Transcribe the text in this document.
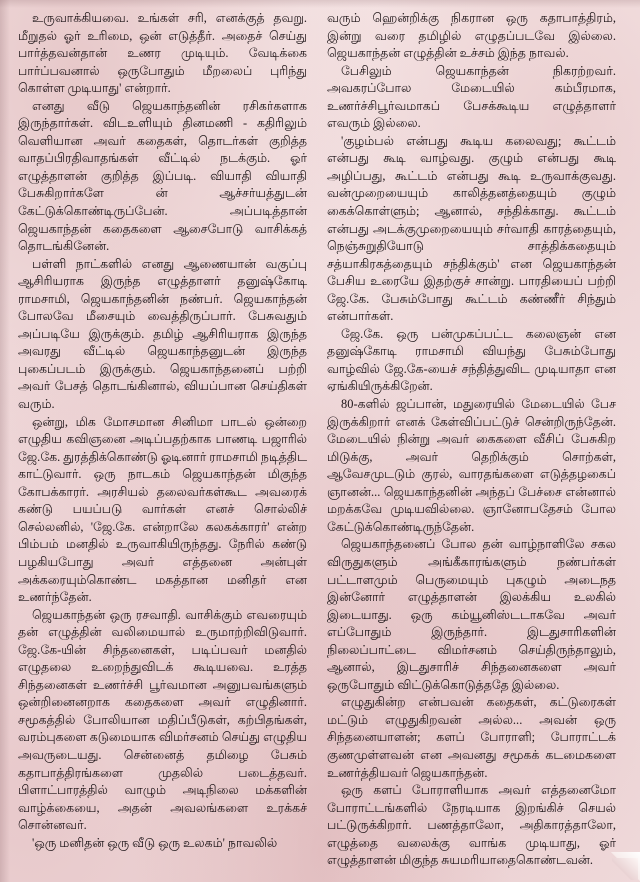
உருவாக்கியவை. உங்கள் சரி, எனக்குத் தவறு. மீறுதல் ஓர் உரிமை, ஒன் எடுத்தீர். அதைச் செய்து பார்த்தவன்தான் உணர முடியும். வேடிக்கை பார்ப்பவனால் ஒருபோதும் மீறலைப் புரிந்து கொள்ள முடியாது' என்றார்.

எனது வீடு ஜெயகாந்தனின் ரசிகர்களாக இருந்தார்கள். விடஉளியும் தினமணி - கதிரிலும் வெளியான அவர் கதைகள், தொடர்கள் குறித்த வாதப்பிரதிவாதங்கள் வீட்டில் நடக்கும். ஓர் எழுத்தாளன் குறித்த இப்படி. வியாதி வியாதி பேசுகிறார்களே ன் ஆச்சர்யத்துடன் கேட்டுக்கொண்டிருப்பேன். அப்படித்தான் ஜெயகாந்தன் கதைகளை ஆசைபோடு வாசிக்கத் தொடங்கினேன்.

பள்ளி நாட்களில் எனது ஆணையான் வகுப்பு ஆசிரியராக இருந்த எழுத்தாளர் தனுஷ்கோடி ராமசாமி, ஜெயகாந்தனின் நண்பர். ஜெயகாந்தன் போலவே மீசையும் வைத்திருப்பார். பேசுவதும் அப்படியே இருக்கும். தமிழ் ஆசிரியராக இருந்த அவரது வீட்டில் ஜெயகாந்தனுடன் இருந்த புகைப்படம் இருக்கும். ஜெயகாந்தனைப் பற்றி அவர் பேசத் தொடங்கினால், வியப்பான செய்திகள் வரும்.

ஒன்று, மிக மோசமான சினிமா பாடல் ஒன்றை எழுதிய கவிஞனை அடிப்பதற்காக பாணடி பஜாரில் ஜே.கே. துரத்திக்கொண்டு ஓடினார் ராமசாமி நடித்திட காட்டுவார். ஒரு நாடகம் ஜெயகாந்தன் மிகுந்த கோபக்காரர். அரசியல் தலைவர்கள்கூட அவரைக் கண்டு பயப்படு வார்கள் எனச் சொல்லிச் செல்லனில், 'ஜே.கே. என்றாலே கலகக்காரர்' என்ற பிம்பம் மனதில் உருவாகியிருந்தது. நேரில் கண்டு பழகியபோது அவர் எத்தனை அன்புள் அக்கரையும்கொண்ட மகத்தான மனிதர் என உணர்ந்தேன்.

ஜெயகாந்தன் ஒரு ரசவாதி. வாசிக்கும் எவரையும் தன் எழுத்தின் வலிமையால் உருமாற்றிவிடுவார். ஜே.கே-யின் சிந்தனைகள், படிப்பவர் மனதில் எழுதலை உறைந்துவிடக் கூடியவை. உரத்த சிந்தனைகள் உணர்ச்சி பூர்வமான அனுபவங்களும் ஒன்றினைனறாக கதைகளை அவர் எழுதினார். சமூகத்தில் போலியான மதிப்பீடுகள், கற்பிதங்கள், வரம்புகளை கடுமையாக விமர்சனம் செய்து எழுதிய அவருடையது. சென்னைத் தமிழை பேசும் கதாபாத்திரங்களை முதலில் படைத்தவர். பிளாட்பாரத்தில் வாழும் அடிநிலை மக்களின் வாழ்க்கையை, அதன் அவலங்களை உரக்கச் சொன்னவர்.

'ஒரு மனிதன் ஒரு வீடு ஒரு உலகம்' நாவலில்

வரும் ஹென்றிக்கு நிகரான ஒரு கதாபாத்திரம், இன்று வரை தமிழில் எழுதப்படவே இல்லை. ஜெயகாந்தன் எழுத்தின் உச்சம் இந்த நாவல்.

பேசிலும் ஜெயகாந்தன் நிகரற்றவர். அவகரப்போல மேடையில் கம்பீரமாக, உணர்ச்சிபூர்வமாகப் பேசக்கூடிய எழுத்தாளர் எவரும் இல்லை.

'குழம்பல் என்பது கூடிய கலைவது; கூட்டம் என்பது கூடி வாழ்வது. குழும் என்பது கூடி அழிப்பது, கூட்டம் என்பது கூடி உருவாக்குவது. வன்முறையையும் காலித்தனத்தையும் குழும் கைக்கொள்ளும்; ஆனால், சந்திக்காது. கூட்டம் என்பது அடக்குமுறையையும் சர்வாதி காரத்தையும், நெஞ்சுறுதியோடு சாத்திக்கதையும் சத்யாகிரகத்தையும் சந்திக்கும்' என ஜெயகாந்தன் பேசிய உரையே இதற்குச் சான்று. பாரதியைப் பற்றி ஜே.கே. பேசும்போது கூட்டம் கண்ணீர் சிந்தும் என்பார்கள்.

ஜே.கே. ஒரு பன்முகப்பட்ட கலைஞன் என தனுஷ்கோடி ராமசாமி வியந்து பேசும்போது வாழ்வில் ஜே.கே-யைச் சந்தித்துவிட முடியாதா என ஏங்கியிருக்கிறேன்.

80-களில் ஜப்பான், மதுரையில் மேடையில் பேச இருக்கிறார் எனக் கேள்விப்பட்டுச் சென்றிருந்தேன். மேடையில் நின்று அவர் கைகளை வீசிப் பேசுகிற மிடுக்கு, அவர் தெறிக்கும் சொற்கள், ஆவேசமுடடும் குரல், வாரதங்களை எடுத்தழகைப் ஞானன்... ஜெயகாந்தனின் அந்தப் பேச்சை என்னால் மறக்கவே முடியவில்லை. ஞானோபதேசம் போல கேட்டுக்கொண்டிருந்தேன்.

ஜெயகாந்தனைப் போல தன் வாழ்நாளிலே சகல விருதுகளும் அங்கீகாரங்களும் நண்பர்கள் பட்டாளமும் பெருமையும் புகழும் அடைநத இன்னோர் எழுத்தாளன் இலக்கிய உலகில் இடையாது. ஒரு கம்யூனிஸ்டடாகவே அவர் எப்போதும் இருந்தார். இடதுசாரிகளின் நிலைப்பாட்டை விமர்சனம் செய்திருந்தாலும், ஆனால், இடதுசாரிச் சிந்தனைகளை அவர் ஒருபோதும் விட்டுக்கொடுத்ததே இல்லை.

எழுதுகின்ற என்பவன் கதைகள், கட்டுரைகள் மட்டும் எழுதுகிறவன் அல்ல... அவன் ஒரு சிந்தனையாளன்; களப் போராளி; போராட்டக் குணமுள்ளவன் என அவனது சமூகக் கடமைகளை உணர்த்தியவர் ஜெயகாந்தன்.

ஒரு களப் போராளியாக அவர் எத்தனைமோ போராட்டங்களில் நேரடியாக இறங்கிச் செயல் பட்டுருக்கிறார். பணத்தாலோ, அதிகாரத்தாலோ, எழுத்தை வலைக்கு வாங்க முடியாது, ஓர் எழுத்தாளன் மிகுந்த சுயமரியாதைகொண்டவன்.
